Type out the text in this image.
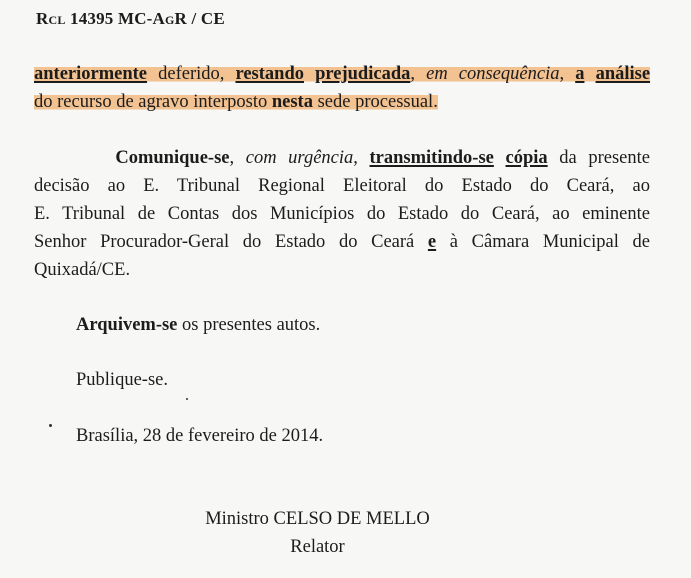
Rcl 14395 MC-AgR / CE
anteriormente deferido, restando prejudicada, em consequência, a análise
do recurso de agravo interposto nesta sede processual.
Comunique-se, com urgência, transmitindo-se cópia da presente
decisão ao E. Tribunal Regional Eleitoral do Estado do Ceará, ao
E. Tribunal de Contas dos Municípios do Estado do Ceará, ao eminente
Senhor Procurador-Geral do Estado do Ceará e à Câmara Municipal de
Quixadá/CE.
Arquivem-se os presentes autos.
Publique-se.
Brasília, 28 de fevereiro de 2014.
Ministro CELSO DE MELLO
Relator
